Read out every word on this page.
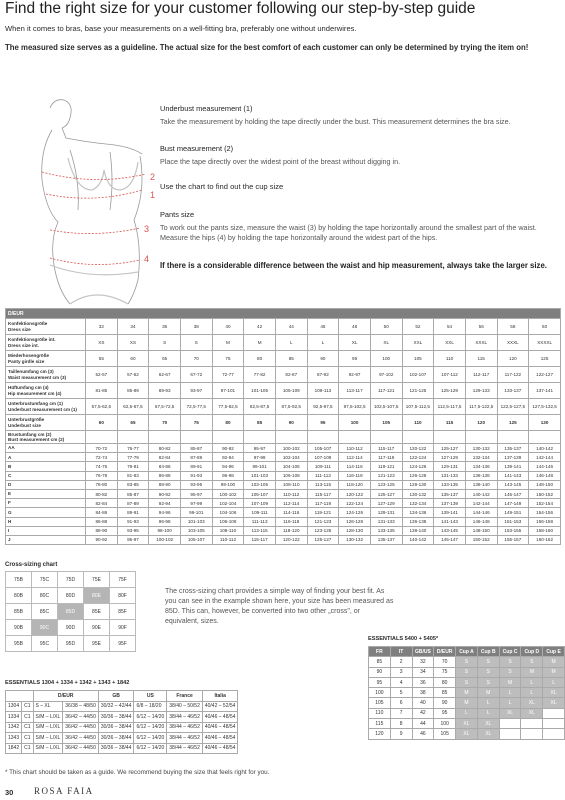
Find the right size for your customer following our step-by-step guide
When it comes to bras, base your measurements on a well-fitting bra, preferably one without underwires.
The measured size serves as a guideline. The actual size for the best comfort of each customer can only be determined by trying the item on!
1
2
3
4
Underbust measurement (1)

Take the measurement by holding the tape directly under the bust. This measurement determines the bra size.

Bust measurement (2)

Place the tape directly over the widest point of the breast without digging in.

Use the chart to find out the cup size
Pants size

To work out the pants size, measure the waist (3) by holding the tape horizontally around the smallest part of the waist. Measure the hips (4) by holding the tape horizontally around the widest part of the hips.

If there is a considerable difference between the waist and hip measurement, always take the larger size.
D/EUR															
Konfektionsgröße
Dress size	32	34	36	38	40	42	44	46	48	50	52	54	56	58	60
Konfektionsgröße int.
Dress size int.	XS	XS	S	S	M	M	L	L	XL	XL	XXL	XXL	XXXL	XXXL	XXXXL
Miederhosengröße
Panty girdle size	55	60	65	70	75	80	85	90	95	100	105	110	115	120	125
Taillenumfang cm (3)
Waist measurement cm (3)	52-57	57-62	62-67	67-72	72-77	77-82	82-87	87-92	92-97	97-102	102-107	107-112	112-117	117-122	122-127
Hüftumfang cm (4)
Hip measurement cm (4)	81-85	85-89	89-93	93-97	97-101	101-105	105-109	109-113	113-117	117-121	121-125	125-129	129-133	133-137	137-141
Unterbrustumfang cm (1)
Underbust measurement cm (1)	57,5-62,5	62,5-67,5	67,5-72,5	72,5-77,5	77,5-82,5	82,5-87,5	87,5-92,5	92,5-97,5	97,5-102,5	102,5-107,5	107,5-112,5	112,5-117,5	117,5-122,5	122,5-127,5	127,5-132,5
Unterbrustgröße
Underbust size	60	65	70	75	80	85	90	95	100	105	110	115	120	125	130
Brustumfang cm (2)
Bust measurement cm (2)															
AA	70-72	75-77	80-82	85-87	90-92	95-97	100-102	105-107	110-112	115-117	120-122	125-127	130-132	135-137	140-142
A	72-74	77-79	82-84	87-89	92-94	97-99	102-104	107-109	112-114	117-119	122-124	127-129	132-134	137-139	142-144
B	74-76	79-81	84-86	89-91	94-96	99-101	104-106	109-111	114-116	119-121	124-126	129-131	134-136	139-141	144-146
C	76-78	81-83	86-88	91-93	96-98	101-103	106-108	111-113	116-118	121-123	126-128	131-133	136-138	141-143	146-148
D	78-80	83-85	88-90	93-95	98-100	103-105	108-110	113-115	118-120	123-125	128-130	133-135	138-140	143-145	148-150
E	80-82	85-87	90-92	95-97	100-102	105-107	110-112	115-117	120-122	125-127	130-132	135-137	140-142	145-147	150-152
F	82-84	87-89	92-94	97-99	102-104	107-109	112-114	117-119	122-124	127-129	132-134	137-139	142-144	147-149	152-154
G	84-86	89-91	94-96	99-101	104-106	109-111	114-116	119-121	124-126	129-131	134-136	139-141	144-146	149-151	154-156
H	86-88	91-93	96-98	101-103	106-108	111-113	116-118	121-123	126-128	131-133	136-138	141-143	146-148	151-153	156-158
I	88-90	93-95	98-100	103-105	108-110	113-115	118-120	123-125	128-130	133-135	138-140	143-145	148-150	153-155	158-160
J	90-92	95-97	100-102	105-107	110-112	115-117	120-122	125-127	130-132	135-137	140-142	145-147	150-152	155-157	160-162
Cross-sizing chart
75B	75C	75D	75E	75F
80B	80C	80D	80E	80F
85B	85C	85D	85E	85F
90B	90C	90D	90E	90F
95B	95C	95D	95E	95F
The cross-sizing chart provides a simple way of finding your best fit. As you can see in the example shown here, your size has been measured as 85D. This can, however, be converted into two other „cross", or equivalent, sizes.
ESSENTIALS 5400 + 5405*
FR	IT	GB/US	D/EUR	Cup A	Cup B	Cup C	Cup D	Cup E
85	2	32	70	S	S	S	S	M
90	3	34	75	S	S	S	M	M
95	4	36	80	S	S	M	L	L
100	5	38	85	M	M	L	L	XL
105	6	40	90	M	L	L	XL	XL
110	7	42	95	L	L	XL	XL	
115	8	44	100	XL	XL			
120	9	46	105	XL	XL			
ESSENTIALS 1304 + 1334 + 1342 + 1343 + 1842
		D/EUR		GB	US	France	Italia
1304	C1	S – XL	36/38 – 48/50	30/32 – 42/44	6/8 – 18/20	38/40 – 50/52	40/42 – 52/54
1334	C1	S/M – L/XL	36/42 – 44/50	30/36 – 38/44	6/12 – 14/20	38/44 – 46/52	40/46 – 48/54
1342	C1	S/M – L/XL	36/42 – 44/50	30/36 – 38/44	6/12 – 14/20	38/44 – 46/52	40/46 – 48/54
1343	C1	S/M – L/XL	36/42 – 44/50	30/36 – 38/44	6/12 – 14/20	38/44 – 46/52	40/46 – 48/54
1842	C1	S/M – L/XL	36/42 – 44/50	30/36 – 38/44	6/12 – 14/20	38/44 – 46/52	40/46 – 48/54
* This chart should be taken as a guide. We recommend buying the size that feels right for you.
30 ROSA FAIA
